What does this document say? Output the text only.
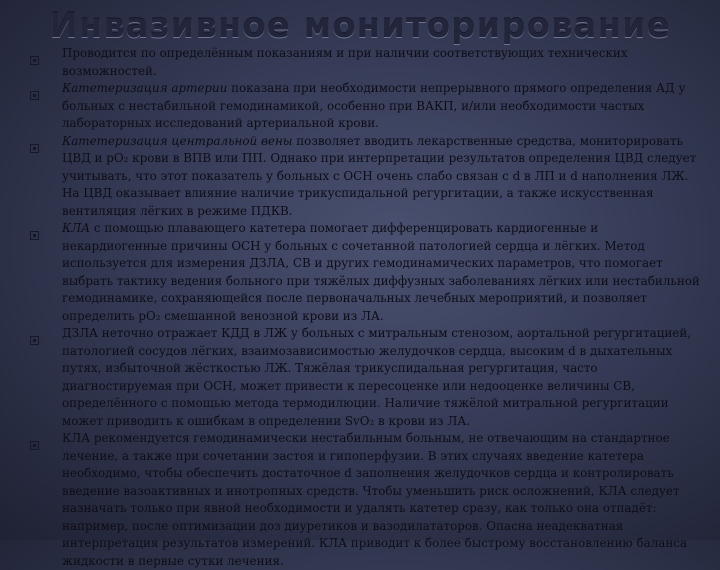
Инвазивное мониторирование
Проводится по определённым показаниям и при наличии соответствующих технических возможностей.
Катетеризация артерии показана при необходимости непрерывного прямого определения АД у больных с нестабильной гемодинамикой, особенно при ВАКП, и/или необходимости частых лабораторных исследований артериальной крови.
Катетеризация центральной вены позволяет вводить лекарственные средства, мониторировать ЦВД и рО₂ крови в ВПВ или ПП. Однако при интерпретации результатов определения ЦВД следует учитывать, что этот показатель у больных с ОСН очень слабо связан с d в ЛП и d наполнения ЛЖ. На ЦВД оказывает влияние наличие трикуспидальной регургитации, а также искусственная вентиляция лёгких в режиме ПДКВ.
КЛА с помощью плавающего катетера помогает дифференцировать кардиогенные и некардиогенные причины ОСН у больных с сочетанной патологией сердца и лёгких. Метод используется для измерения ДЗЛА, СВ и других гемодинамических параметров, что помогает выбрать тактику ведения больного при тяжёлых диффузных заболеваниях лёгких или нестабильной гемодинамике, сохраняющейся после первоначальных лечебных мероприятий, и позволяет определить рО₂ смешанной венозной крови из ЛА.
ДЗЛА неточно отражает КДД в ЛЖ у больных с митральным стенозом, аортальной регургитацией, патологией сосудов лёгких, взаимозависимостью желудочков сердца, высоким d в дыхательных путях, избыточной жёсткостью ЛЖ. Тяжёлая трикуспидальная регургитация, часто диагностируемая при ОСН, может привести к пересоценке или недооценке величины СВ, определённого с помощью метода термодилюции. Наличие тяжёлой митральной регургитации может приводить к ошибкам в определении SvO₂ в крови из ЛА.
КЛА рекомендуется гемодинамически нестабильным больным, не отвечающим на стандартное лечение, а также при сочетании застоя и гипоперфузии. В этих случаях введение катетера необходимо, чтобы обеспечить достаточное d заполнения желудочков сердца и контролировать введение вазоактивных и инотропных средств. Чтобы уменьшить риск осложнений, КЛА следует назначать только при явной необходимости и удалять катетер сразу, как только она отпадёт: например, после оптимизации доз диуретиков и вазодилататоров. Опасна неадекватная интерпретация результатов измерений. КЛА приводит к более быстрому восстановлению баланса жидкости в первые сутки лечения.
